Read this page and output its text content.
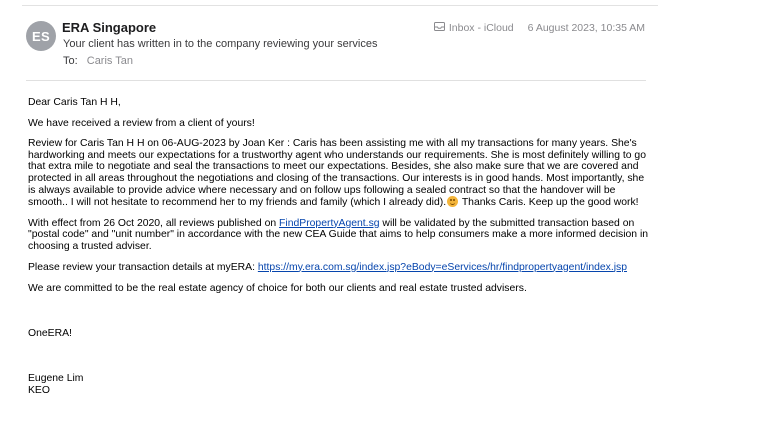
ES
ERA Singapore
Your client has written in to the company reviewing your services
To: Caris Tan
Inbox - iCloud 6 August 2023, 10:35 AM

Dear Caris Tan H H,

We have received a review from a client of yours!

Review for Caris Tan H H on 06-AUG-2023 by Joan Ker : Caris has been assisting me with all my transactions for many years. She's hardworking and meets our expectations for a trustworthy agent who understands our requirements. She is most definitely willing to go that extra mile to negotiate and seal the transactions to meet our expectations. Besides, she also make sure that we are covered and protected in all areas throughout the negotiations and closing of the transactions. Our interests is in good hands. Most importantly, she is always available to provide advice where necessary and on follow ups following a sealed contract so that the handover will be smooth.. I will not hesitate to recommend her to my friends and family (which I already did).
Thanks Caris. Keep up the good work!

With effect from 26 Oct 2020, all reviews published on FindPropertyAgent.sg will be validated by the submitted transaction based on "postal code" and "unit number" in accordance with the new CEA Guide that aims to help consumers make a more informed decision in choosing a trusted adviser.

Please review your transaction details at myERA: https://my.era.com.sg/index.jsp?eBody=eServices/hr/findpropertyagent/index.jsp

We are committed to be the real estate agency of choice for both our clients and real estate trusted advisers.

OneERA!

Eugene Lim

KEO
